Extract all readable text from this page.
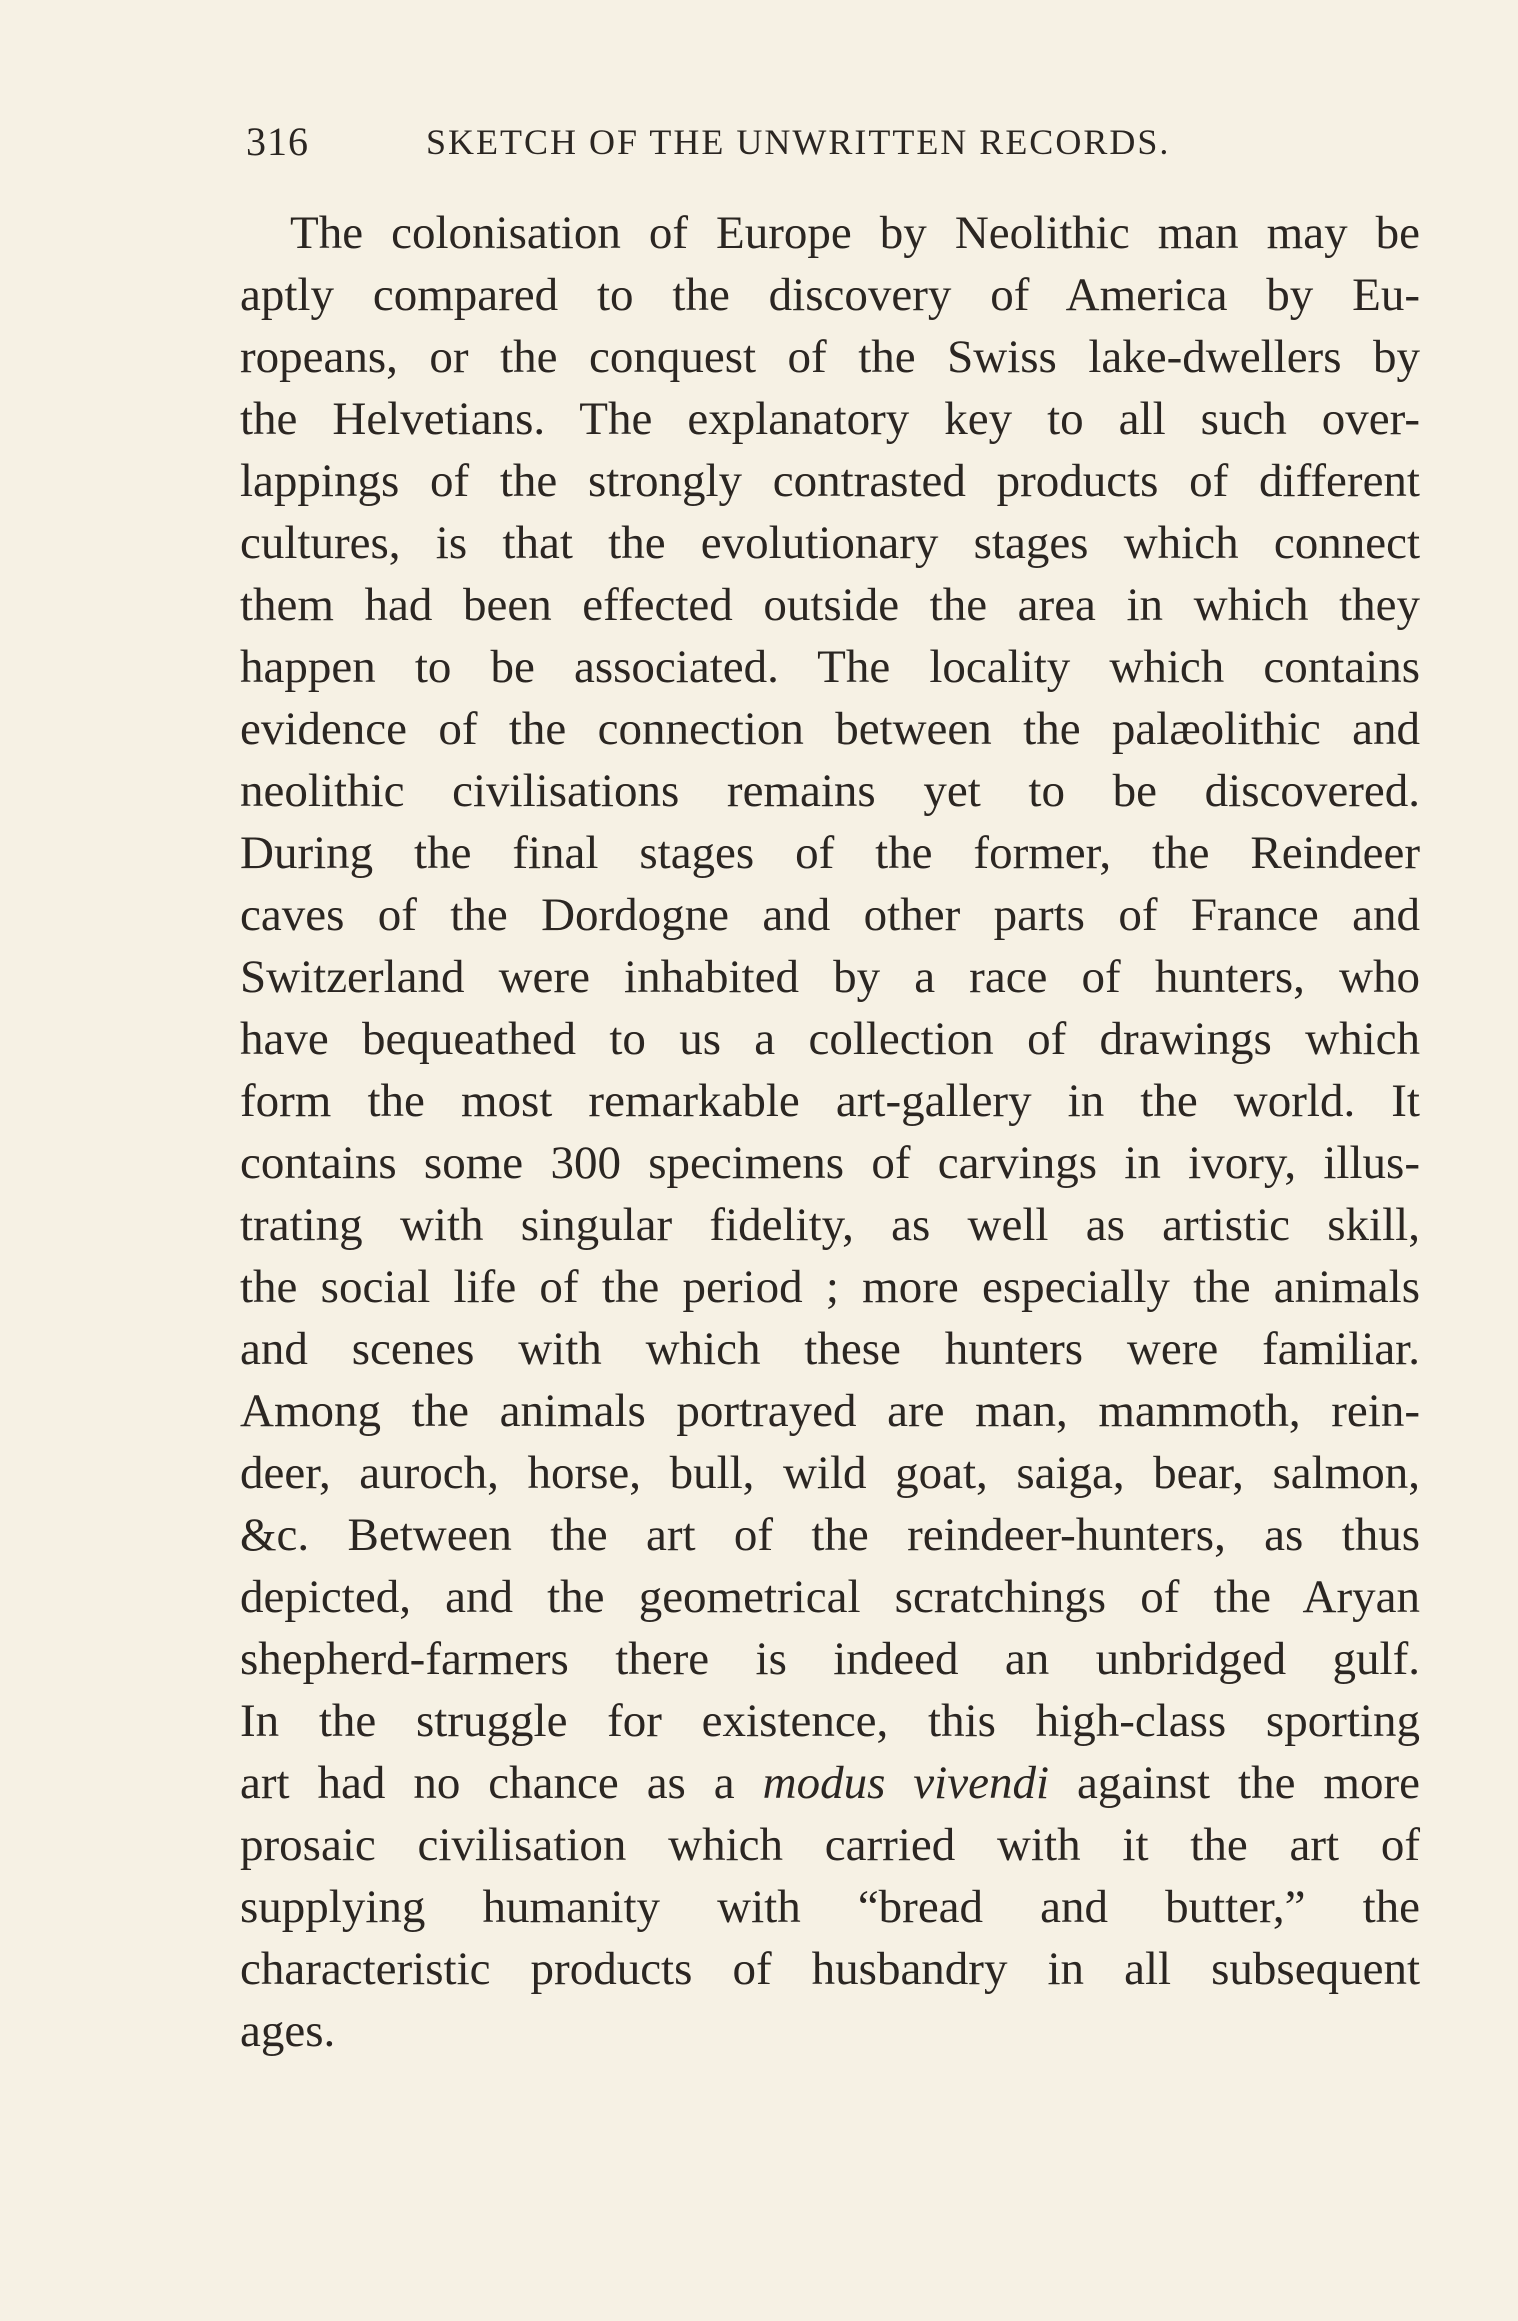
316	SKETCH OF THE UNWRITTEN RECORDS.
The colonisation of Europe by Neolithic man may be
aptly compared to the discovery of America by Eu-
ropeans, or the conquest of the Swiss lake-dwellers by
the Helvetians. The explanatory key to all such over-
lappings of the strongly contrasted products of different
cultures, is that the evolutionary stages which connect
them had been effected outside the area in which they
happen to be associated. The locality which contains
evidence of the connection between the palæolithic and
neolithic civilisations remains yet to be discovered.
During the final stages of the former, the Reindeer
caves of the Dordogne and other parts of France and
Switzerland were inhabited by a race of hunters, who
have bequeathed to us a collection of drawings which
form the most remarkable art-gallery in the world. It
contains some 300 specimens of carvings in ivory, illus-
trating with singular fidelity, as well as artistic skill,
the social life of the period ; more especially the animals
and scenes with which these hunters were familiar.
Among the animals portrayed are man, mammoth, rein-
deer, auroch, horse, bull, wild goat, saiga, bear, salmon,
&c. Between the art of the reindeer-hunters, as thus
depicted, and the geometrical scratchings of the Aryan
shepherd-farmers there is indeed an unbridged gulf.
In the struggle for existence, this high-class sporting
art had no chance as a modus vivendi against the more
prosaic civilisation which carried with it the art of
supplying humanity with “bread and butter,” the
characteristic products of husbandry in all subsequent
ages.
